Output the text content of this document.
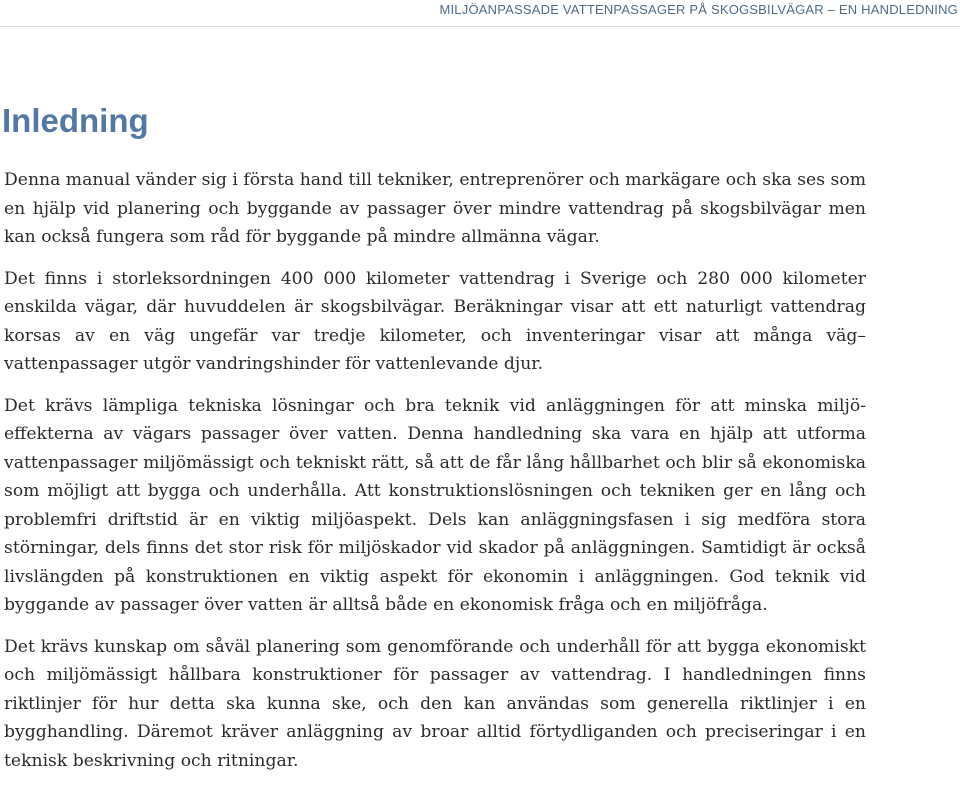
MILJÖANPASSADE VATTENPASSAGER PÅ SKOGSBILVÄGAR – EN HANDLEDNING
Inledning

Denna manual vänder sig i första hand till tekniker, entreprenörer och markägare och ska ses som en hjälp vid planering och byggande av passager över mindre vattendrag på skogsbilvägar men kan också fungera som råd för byggande på mindre allmänna vägar.

Det finns i storleksordningen 400 000 kilometer vattendrag i Sverige och 280 000 kilometer enskilda vägar, där huvuddelen är skogsbilvägar. Beräkningar visar att ett naturligt vattendrag korsas av en väg ungefär var tredje kilometer, och inventeringar visar att många väg–vattenpassager utgör vandringshinder för vattenlevande djur.

Det krävs lämpliga tekniska lösningar och bra teknik vid anläggningen för att minska miljöeffekterna av vägars passager över vatten. Denna handledning ska vara en hjälp att utforma vattenpassager miljömässigt och tekniskt rätt, så att de får lång hållbarhet och blir så ekonomiska som möjligt att bygga och underhålla. Att konstruktionslösningen och tekniken ger en lång och problemfri driftstid är en viktig miljöaspekt. Dels kan anläggningsfasen i sig medföra stora störningar, dels finns det stor risk för miljöskador vid skador på anläggningen. Samtidigt är också livslängden på konstruktionen en viktig aspekt för ekonomin i anläggningen. God teknik vid byggande av passager över vatten är alltså både en ekonomisk fråga och en miljöfråga.

Det krävs kunskap om såväl planering som genomförande och underhåll för att bygga ekonomiskt och miljömässigt hållbara konstruktioner för passager av vattendrag. I handledningen finns riktlinjer för hur detta ska kunna ske, och den kan användas som generella riktlinjer i en bygghandling. Däremot kräver anläggning av broar alltid förtydliganden och preciseringar i en teknisk beskrivning och ritningar.
